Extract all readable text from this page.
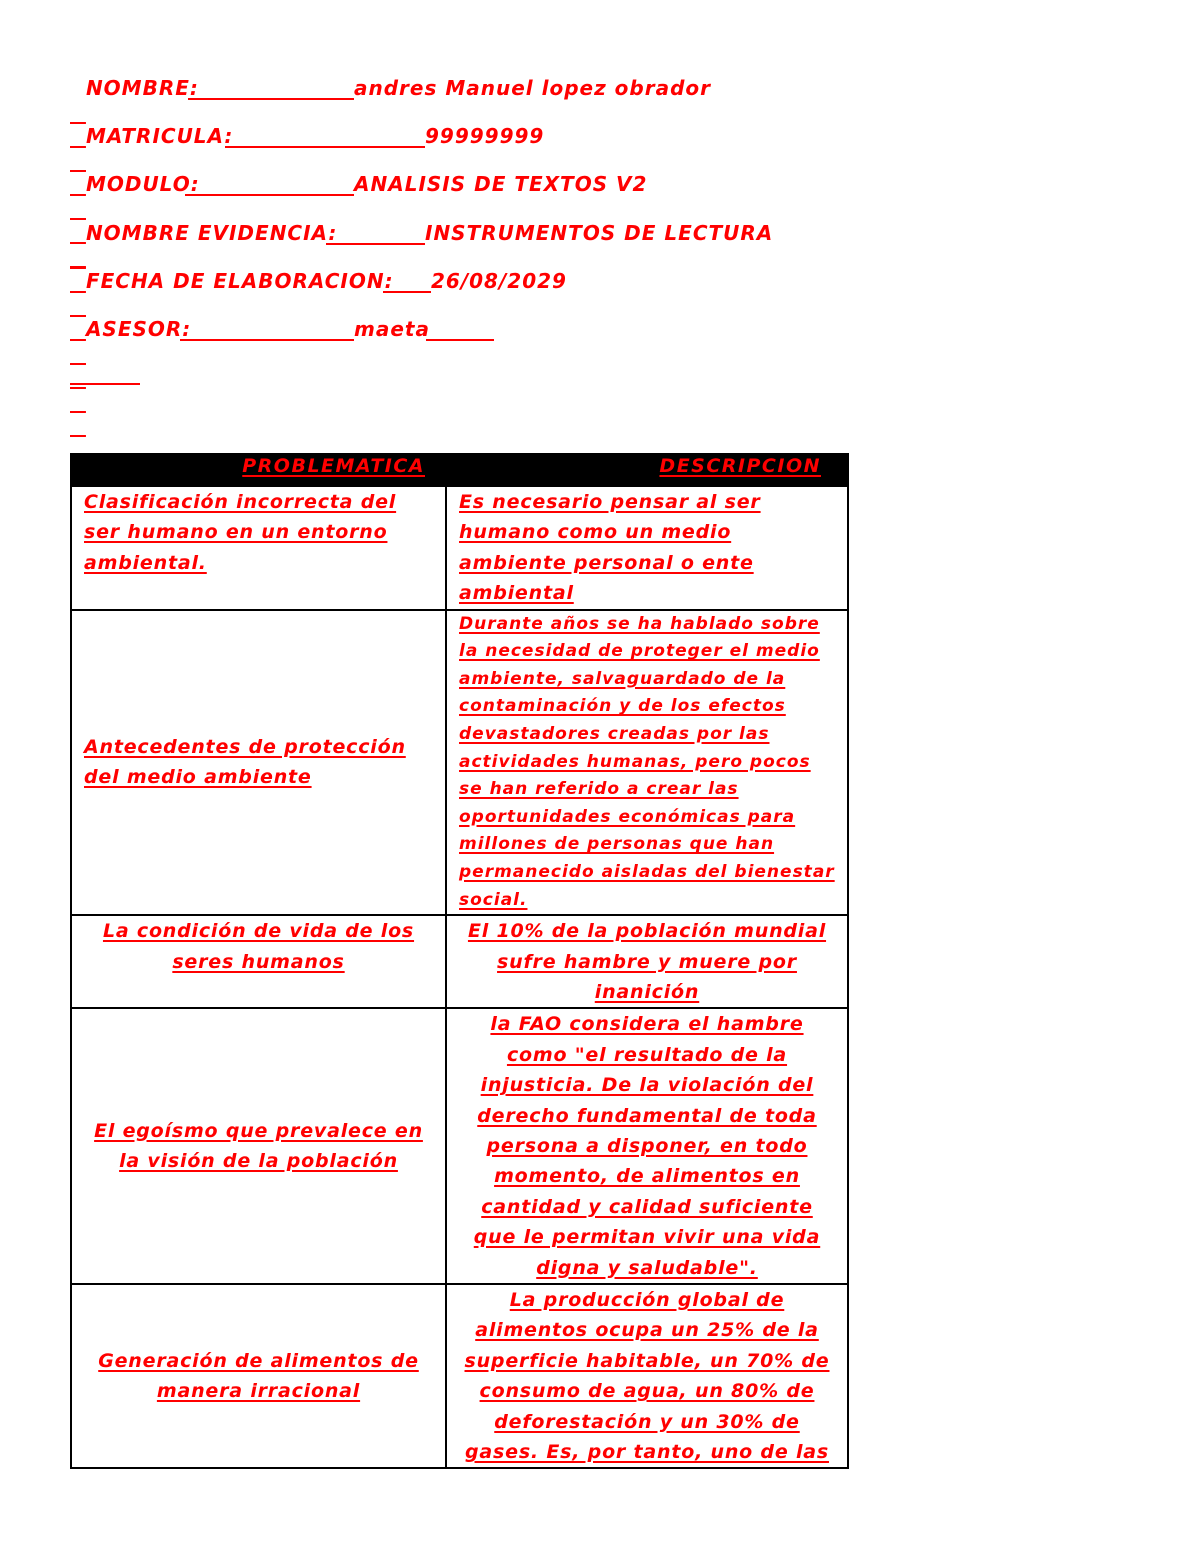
NOMBRE:

	andres Manuel lopez obrador

MATRICULA:

	99999999

MODULO:

	ANALISIS DE TEXTOS V2

NOMBRE EVIDENCIA:

	INSTRUMENTOS DE LECTURA

FECHA DE ELABORACION:

26/08/2029

ASESOR:

	maeta

PROBLEMATICA	DESCRIPCION
Clasificación incorrecta del ser humano en un entorno ambiental.	Es necesario pensar al ser humano como un medio ambiente personal o ente ambiental
Antecedentes de protección del medio ambiente	Durante años se ha hablado sobre la necesidad de proteger el medio ambiente, salvaguardado de la contaminación y de los efectos devastadores creadas por las actividades humanas, pero pocos se han referido a crear las oportunidades económicas para millones de personas que han permanecido aisladas del bienestar social.
La condición de vida de los seres humanos	El 10% de la población mundial sufre hambre y muere por inanición
El egoísmo que prevalece en la visión de la población	la FAO considera el hambre como "el resultado de la injusticia. De la violación del derecho fundamental de toda persona a disponer, en todo momento, de alimentos en cantidad y calidad suficiente que le permitan vivir una vida digna y saludable".
Generación de alimentos de manera irracional	La producción global de alimentos ocupa un 25% de la superficie habitable, un 70% de consumo de agua, un 80% de deforestación y un 30% de gases. Es, por tanto, uno de las
